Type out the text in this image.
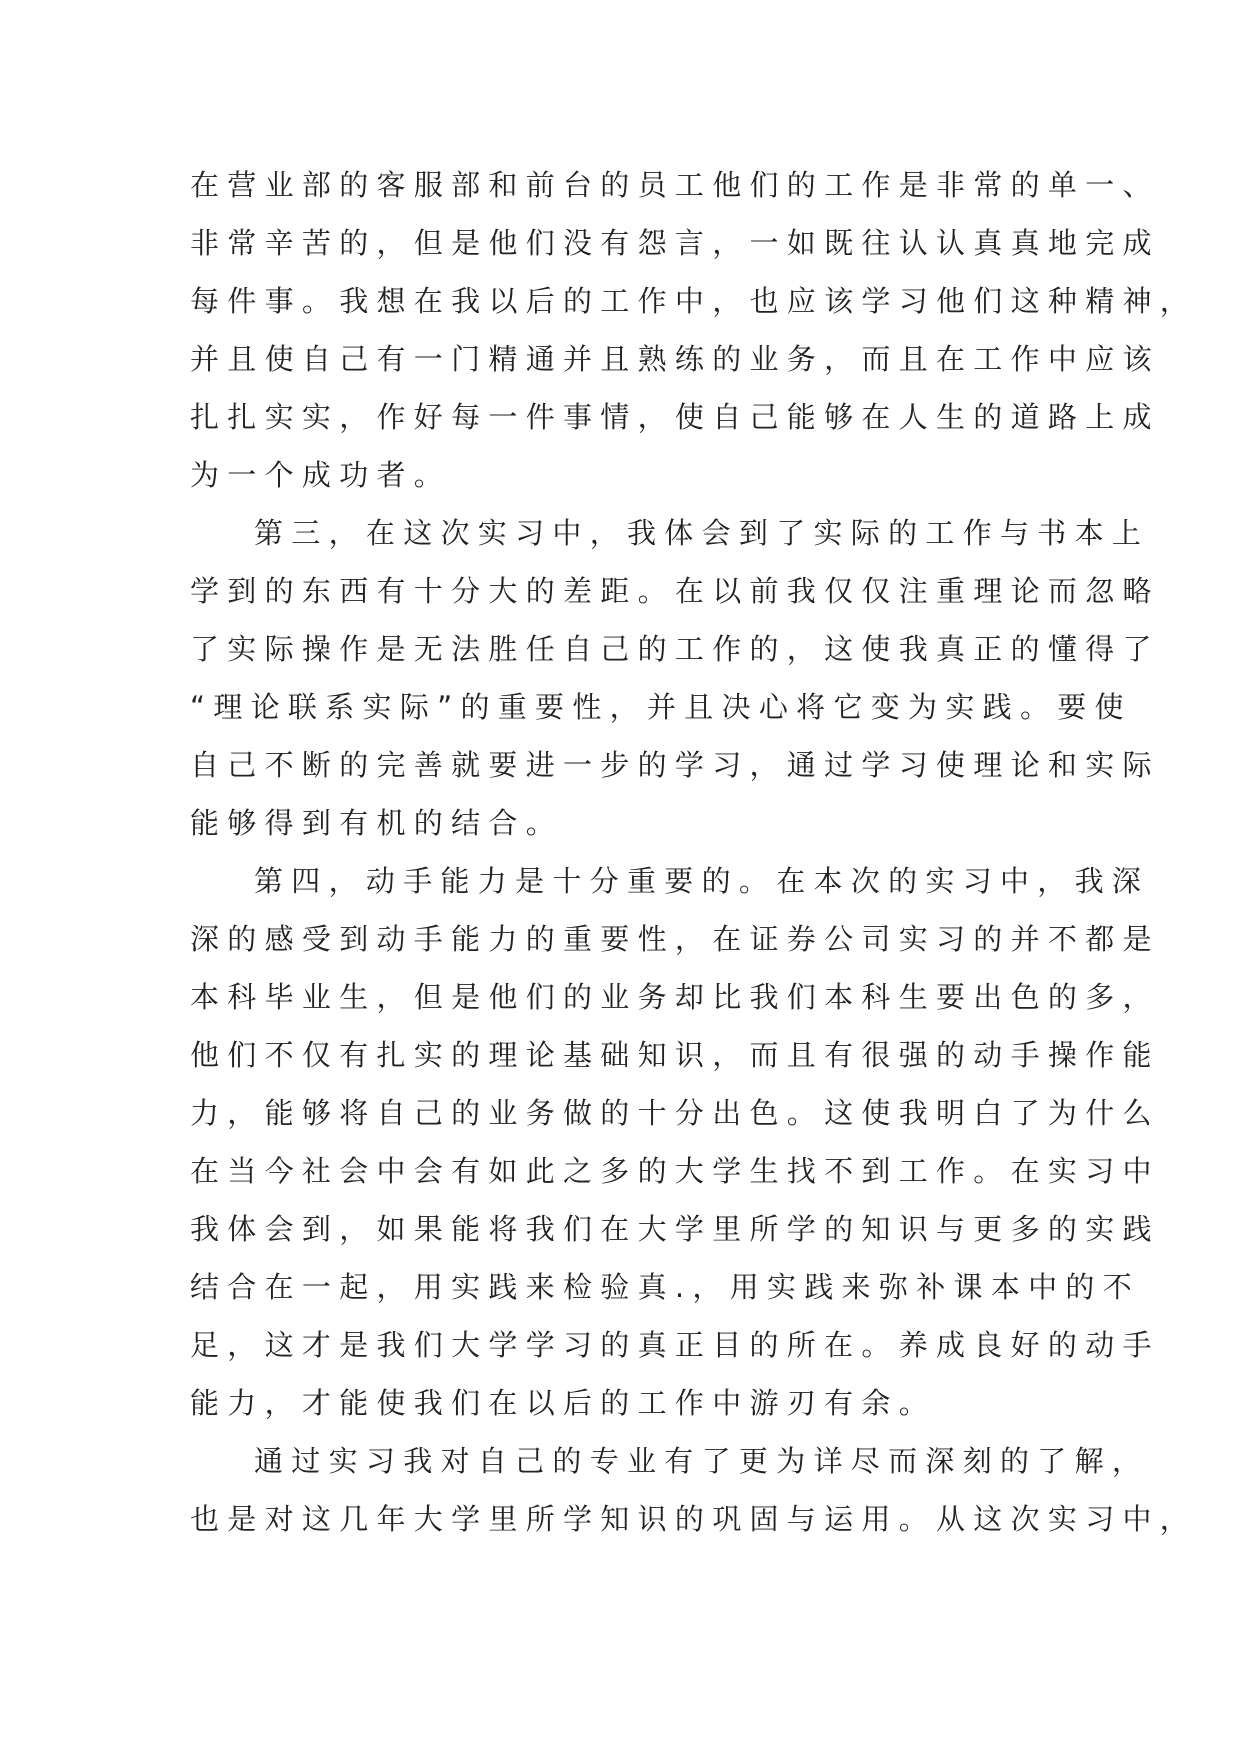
在营业部的客服部和前台的员工他们的工作是非常的单一、
非常辛苦的，但是他们没有怨言，一如既往认认真真地完成
每件事。我想在我以后的工作中，也应该学习他们这种精神，
并且使自己有一门精通并且熟练的业务，而且在工作中应该
扎扎实实，作好每一件事情，使自己能够在人生的道路上成
为一个成功者。
第三，在这次实习中，我体会到了实际的工作与书本上
学到的东西有十分大的差距。在以前我仅仅注重理论而忽略
了实际操作是无法胜任自己的工作的，这使我真正的懂得了
“理论联系实际”的重要性，并且决心将它变为实践。要使
自己不断的完善就要进一步的学习，通过学习使理论和实际
能够得到有机的结合。
第四，动手能力是十分重要的。在本次的实习中，我深
深的感受到动手能力的重要性，在证券公司实习的并不都是
本科毕业生，但是他们的业务却比我们本科生要出色的多，
他们不仅有扎实的理论基础知识，而且有很强的动手操作能
力，能够将自己的业务做的十分出色。这使我明白了为什么
在当今社会中会有如此之多的大学生找不到工作。在实习中
我体会到，如果能将我们在大学里所学的知识与更多的实践
结合在一起，用实践来检验真.，用实践来弥补课本中的不
足，这才是我们大学学习的真正目的所在。养成良好的动手
能力，才能使我们在以后的工作中游刃有余。
通过实习我对自己的专业有了更为详尽而深刻的了解，
也是对这几年大学里所学知识的巩固与运用。从这次实习中，
